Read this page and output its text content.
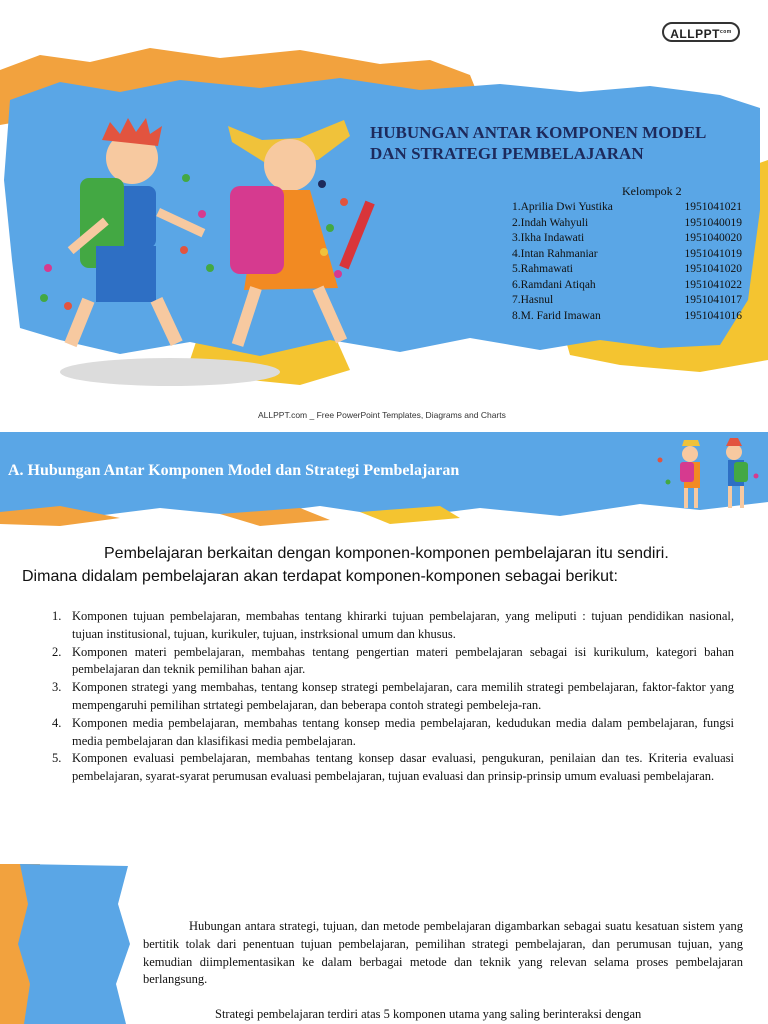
$ALLPPT^{com}$
HUBUNGAN ANTAR KOMPONEN MODEL
DAN STRATEGI PEMBELAJARAN
Kelompok 2
1.Aprilia Dwi Yustika	1951041021
2.Indah Wahyuli	1951040019
3.Ikha Indawati	1951040020
4.Intan Rahmaniar	1951041019
5.Rahmawati	1951041020
6.Ramdani Atiqah	1951041022
7.Hasnul	1951041017
8.M. Farid Imawan	1951041016
ALLPPT.com _ Free PowerPoint Templates, Diagrams and Charts
A. Hubungan Antar Komponen Model dan Strategi Pembelajaran

Pembelajaran berkaitan dengan komponen-komponen pembelajaran itu sendiri.
Dimana didalam pembelajaran akan terdapat komponen-komponen sebagai berikut:

1. Komponen tujuan pembelajaran, membahas tentang khirarki tujuan pembelajaran, yang meliputi : tujuan pendidikan nasional, tujuan institusional, tujuan, kurikuler, tujuan, instrksional umum dan khusus.
2. Komponen materi pembelajaran, membahas tentang pengertian materi pembelajaran sebagai isi kurikulum, kategori bahan pembelajaran dan teknik pemilihan bahan ajar.
3. Komponen strategi yang membahas, tentang konsep strategi pembelajaran, cara memilih strategi pembelajaran, faktor-faktor yang mempengaruhi pemilihan strtategi pembelajaran, dan beberapa contoh strategi pembeleja-ran.
4. Komponen media pembelajaran, membahas tentang konsep media pembelajaran, kedudukan media dalam pembelajaran, fungsi media pembelajaran dan klasifikasi media pembelajaran.
5. Komponen evaluasi pembelajaran, membahas tentang konsep dasar evaluasi, pengukuran, penilaian dan tes. Kriteria evaluasi pembelajaran, syarat-syarat perumusan evaluasi pembelajaran, tujuan evaluasi dan prinsip-prinsip umum evaluasi pembelajaran.

Hubungan antara strategi, tujuan, dan metode pembelajaran digambarkan sebagai suatu kesatuan sistem yang bertitik tolak dari penentuan tujuan pembelajaran, pemilihan strategi pembelajaran, dan perumusan tujuan, yang kemudian diimplementasikan ke dalam berbagai metode dan teknik yang relevan selama proses pembelajaran berlangsung.

Strategi pembelajaran terdiri atas 5 komponen utama yang saling berinteraksi dengan
